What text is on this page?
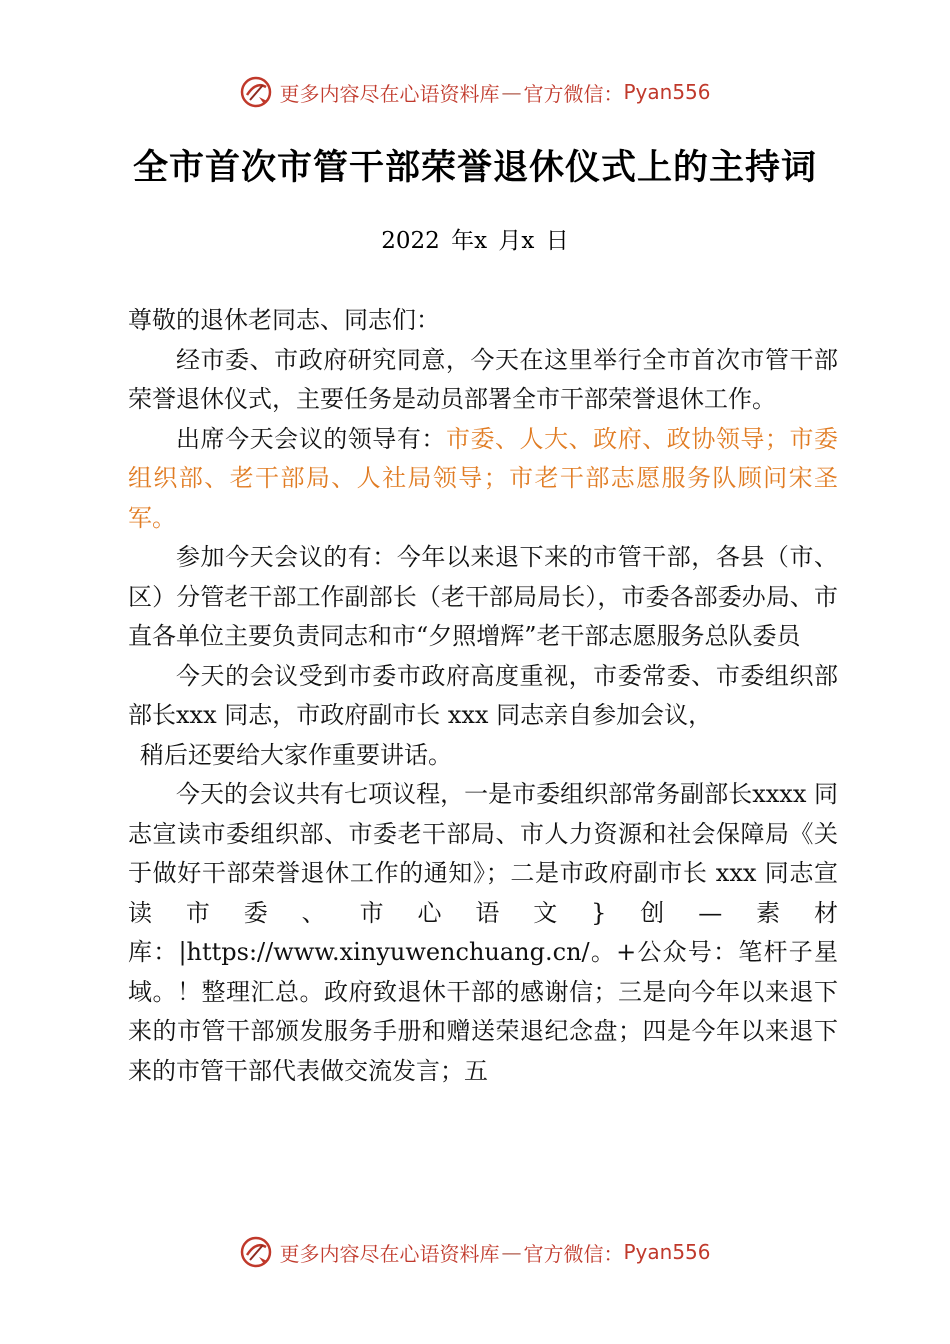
更多内容尽在心语资料库 — 官方微信： Pyan556
全市首次市管干部荣誉退休仪式上的主持词
2022 年x 月x 日

尊敬的退休老同志、同志们：

经市委、市政府研究同意，今天在这里举行全市首次市管干部荣誉退休仪式，主要任务是动员部署全市干部荣誉退休工作。

出席今天会议的领导有：市委、人大、政府、政协领导；市委组织部、老干部局、人社局领导；市老干部志愿服务队顾问宋圣军。

参加今天会议的有：今年以来退下来的市管干部，各县（市、区）分管老干部工作副部长（老干部局局长），市委各部委办局、市直各单位主要负责同志和市“夕照增辉”老干部志愿服务总队委员

今天的会议受到市委市政府高度重视，市委常委、市委组织部部长xxx 同志，市政府副市长 xxx 同志亲自参加会议，

稍后还要给大家作重要讲话。

今天的会议共有七项议程，一是市委组织部常务副部长xxxx 同志宣读市委组织部、市委老干部局、市人力资源和社会保障局《关于做好干部荣誉退休工作的通知》；二是市政府副市长 xxx 同志宣读市委、市心语文}创—素材库：|https://www.xinyuwenchuang.cn/。+公众号：笔杆子星域。！整理汇总。政府致退休干部的感谢信；三是向今年以来退下来的市管干部颁发服务手册和赠送荣退纪念盘；四是今年以来退下来的市管干部代表做交流发言；五

更多内容尽在心语资料库 — 官方微信： Pyan556
